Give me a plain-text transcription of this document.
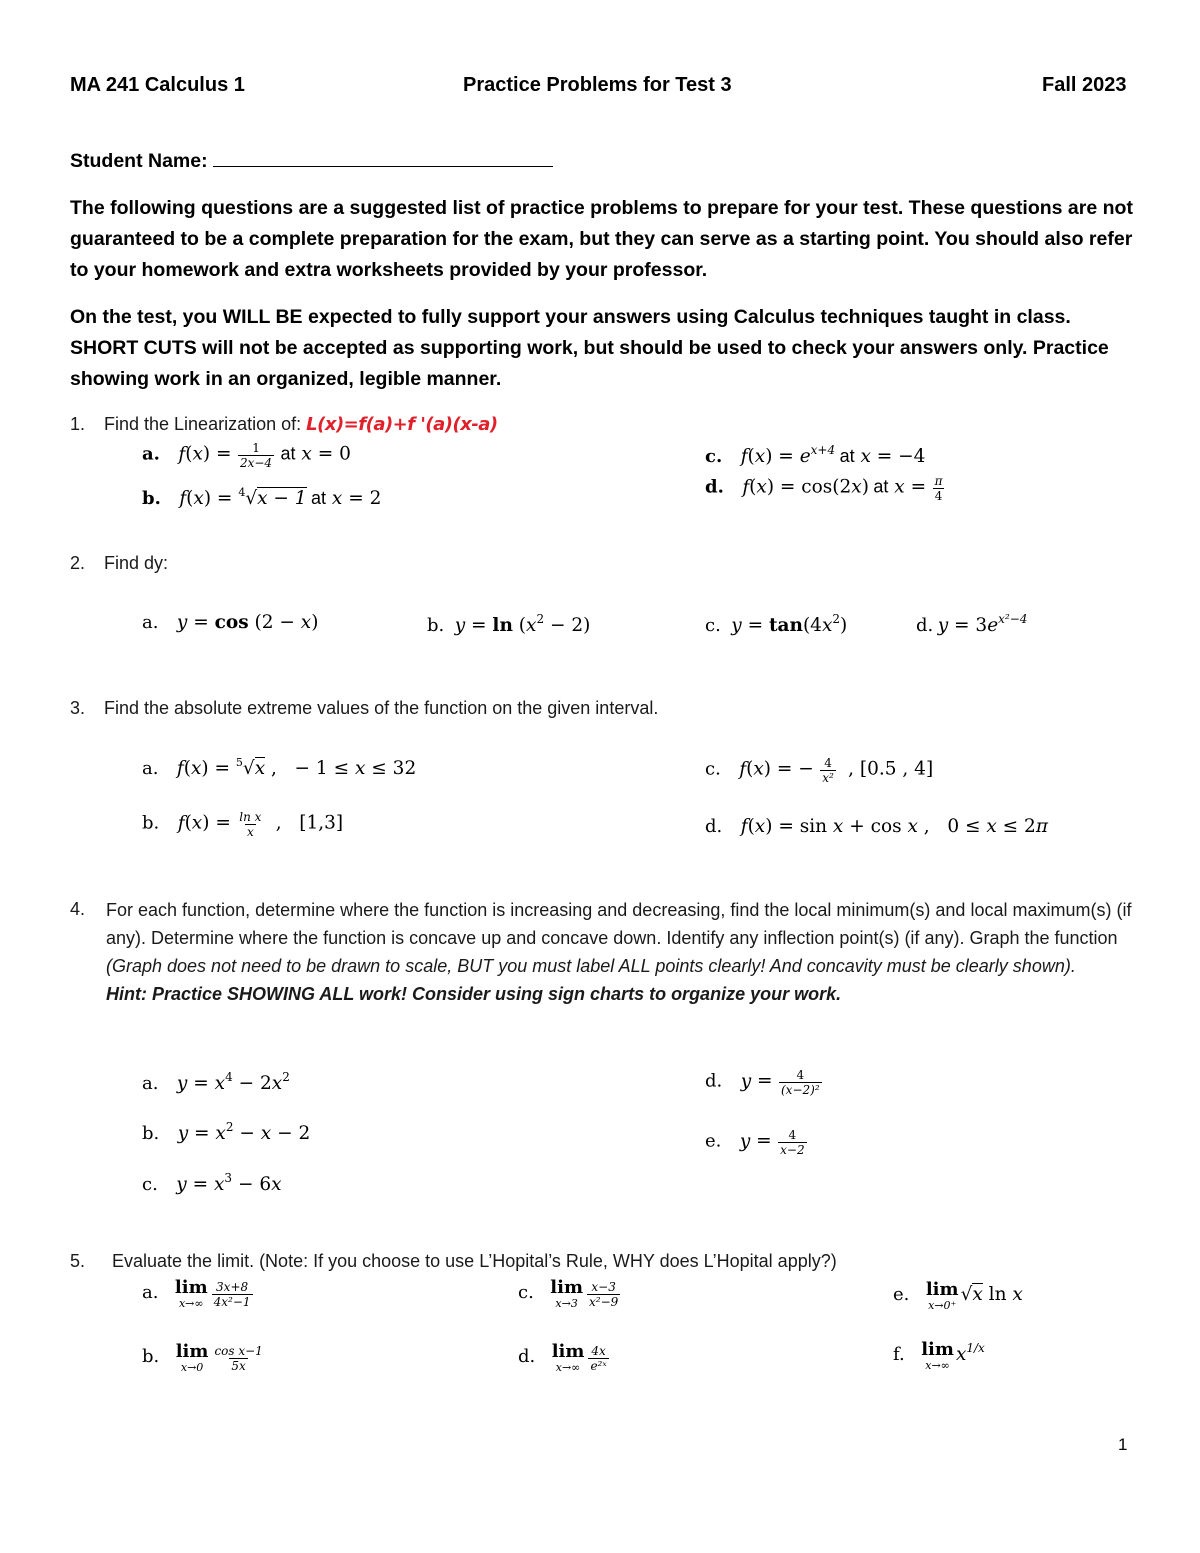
MA 241 Calculus 1	Practice Problems for Test 3	Fall 2023
Student Name:
The following questions are a suggested list of practice problems to prepare for your test. These questions are not guaranteed to be a complete preparation for the exam, but they can serve as a starting point. You should also refer to your homework and extra worksheets provided by your professor.
On the test, you WILL BE expected to fully support your answers using Calculus techniques taught in class. SHORT CUTS will not be accepted as supporting work, but should be used to check your answers only. Practice showing work in an organized, legible manner.
1. Find the Linearization of: L(x)=f(a)+f '(a)(x-a)
a. $f(x) = \frac{1}{2x-4}$ at x = 0
b. f(x) = $^4$√x − 1 at x = 2
c. $f(x) = e^{x+4}$ at x = −4
d. f(x) = cos(2x) at $x = \frac{\pi}{4}$
2. Find dy:
a. y = cos (2 − x)	b. $y = \ln (x^2 - 2)$	c. $y = \tan(4x^2)$	d. $y = 3e^{x^2-4}$
3. Find the absolute extreme values of the function on the given interval.
a. f(x) = $^5$√x ,   − 1 ≤ x ≤ 32
b. $f(x) = \frac{\text{ln x}}{x}$ ,   [1,3]
c. f(x) = − $\frac{4}{\text{x²}}$ , [0.5 , 4]
d. f(x) = sin x + cos x ,   0 ≤ x ≤ 2π
4. For each function, determine where the function is increasing and decreasing, find the local minimum(s) and local maximum(s) (if any). Determine where the function is concave up and concave down. Identify any inflection point(s) (if any). Graph the function (Graph does not need to be drawn to scale, BUT you must label ALL points clearly! And concavity must be clearly shown).
Hint: Practice SHOWING ALL work! Consider using sign charts to organize your work.
a. $y = x^4 - 2x^2$
b. $y = x^2 - x - 2$
c. $y = x^3 - 6x$
d. $y = \frac{4}{\text{(x−2)²}}$
e. $y = \frac{4}{x-2}$
5. Evaluate the limit. (Note: If you choose to use L’Hopital’s Rule, WHY does L’Hopital apply?)
a. lim
$x\to\infty \frac{3x+8}{\text{4x²−1}}$
b. lim
$x\to 0 \frac{\text{cos x−1}}{5x}$
c. lim
$x\to 3 \frac{x-3}{\text{x²−9}}$
d. lim
$x\to\infty \frac{4x}{\text{e²ˣ}}$
e. lim
x→0⁺
√x ln x
f. lim
x→∞
$x^{1/x}$
1
